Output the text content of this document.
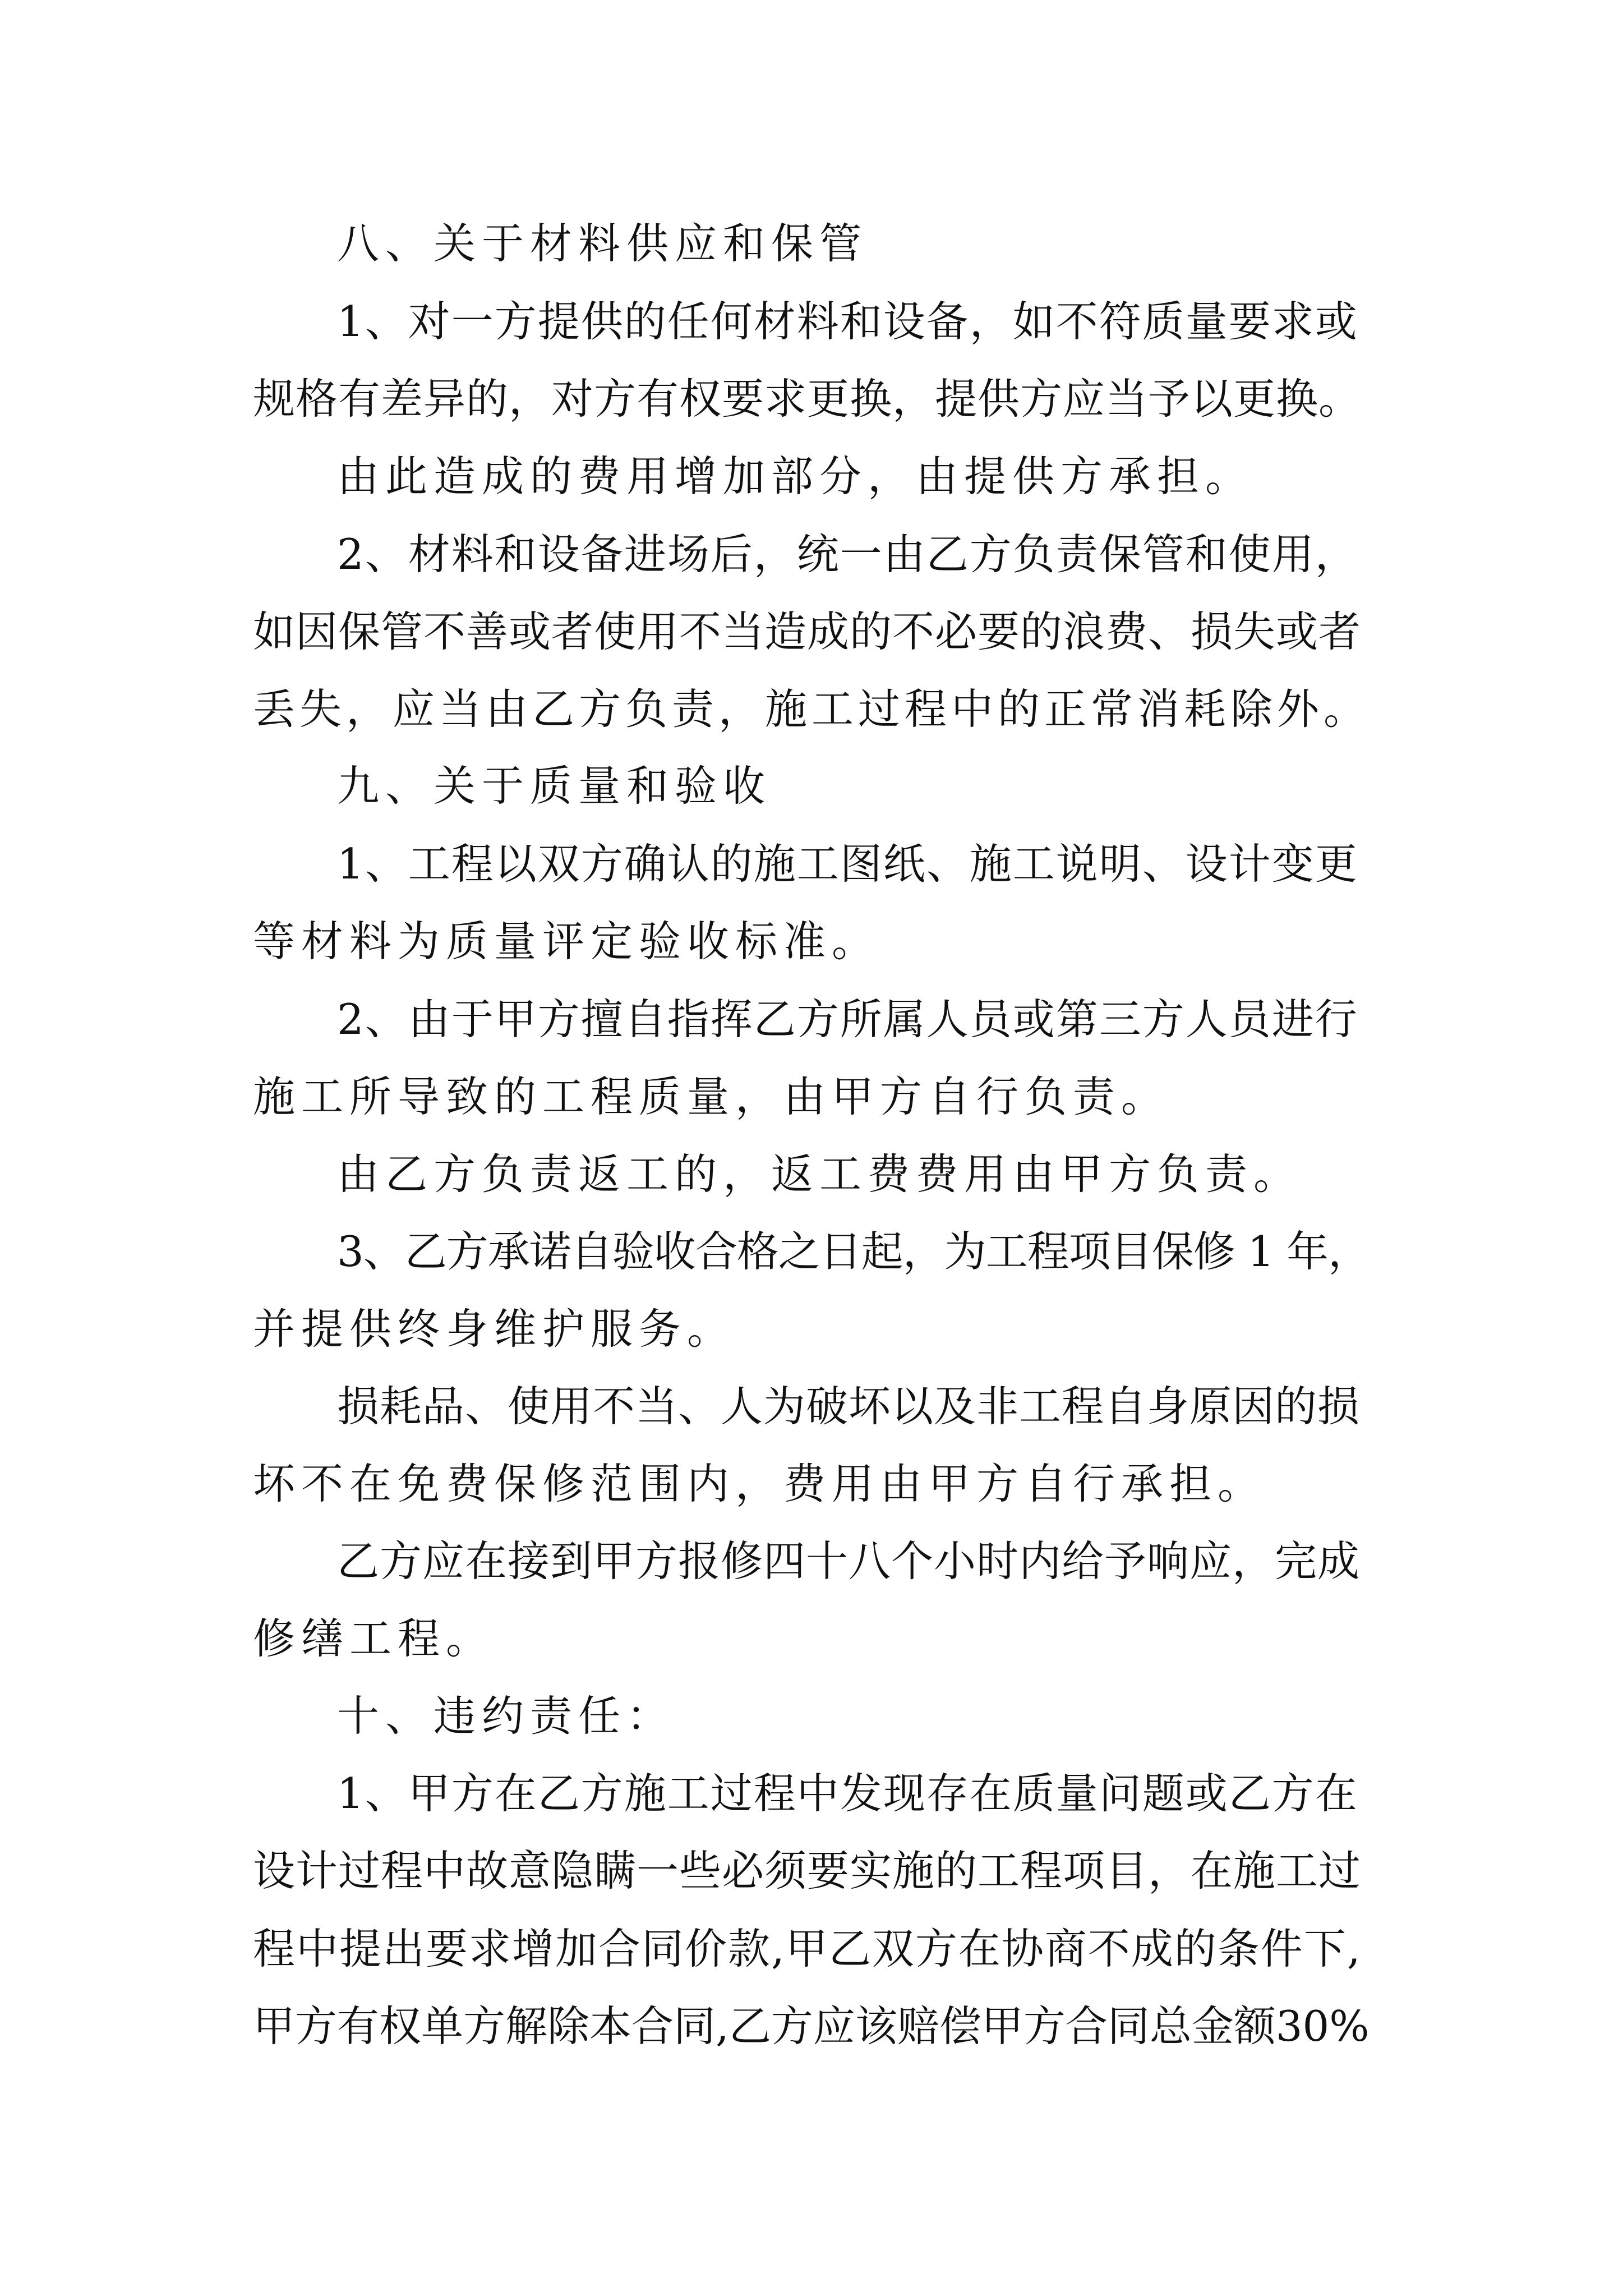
八、关于材料供应和保管
1、对一方提供的任何材料和设备，如不符质量要求或
规格有差异的，对方有权要求更换，提供方应当予以更换。
由此造成的费用增加部分，由提供方承担。
2、材料和设备进场后，统一由乙方负责保管和使用，
如因保管不善或者使用不当造成的不必要的浪费、损失或者
丢失，应当由乙方负责，施工过程中的正常消耗除外。
九、关于质量和验收
1、工程以双方确认的施工图纸、施工说明、设计变更
等材料为质量评定验收标准。
2、由于甲方擅自指挥乙方所属人员或第三方人员进行
施工所导致的工程质量，由甲方自行负责。
由乙方负责返工的，返工费费用由甲方负责。
3、乙方承诺自验收合格之日起，为工程项目保修 1 年，
并提供终身维护服务。
损耗品、使用不当、人为破坏以及非工程自身原因的损
坏不在免费保修范围内，费用由甲方自行承担。
乙方应在接到甲方报修四十八个小时内给予响应，完成
修缮工程。
十、违约责任：
1、甲方在乙方施工过程中发现存在质量问题或乙方在
设计过程中故意隐瞒一些必须要实施的工程项目，在施工过
程中提出要求增加合同价款,甲乙双方在协商不成的条件下,
甲方有权单方解除本合同,乙方应该赔偿甲方合同总金额30%
